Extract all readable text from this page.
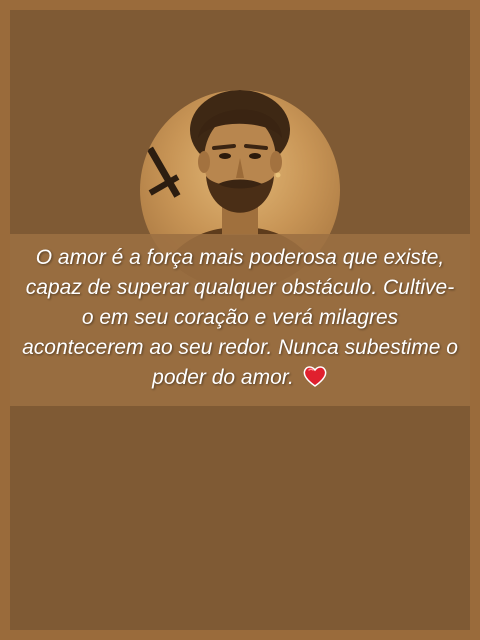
O amor é a força mais poderosa que existe, capaz de superar qualquer obstáculo. Cultive-o em seu coração e verá milagres acontecerem ao seu redor. Nunca subestime o poder do amor.
